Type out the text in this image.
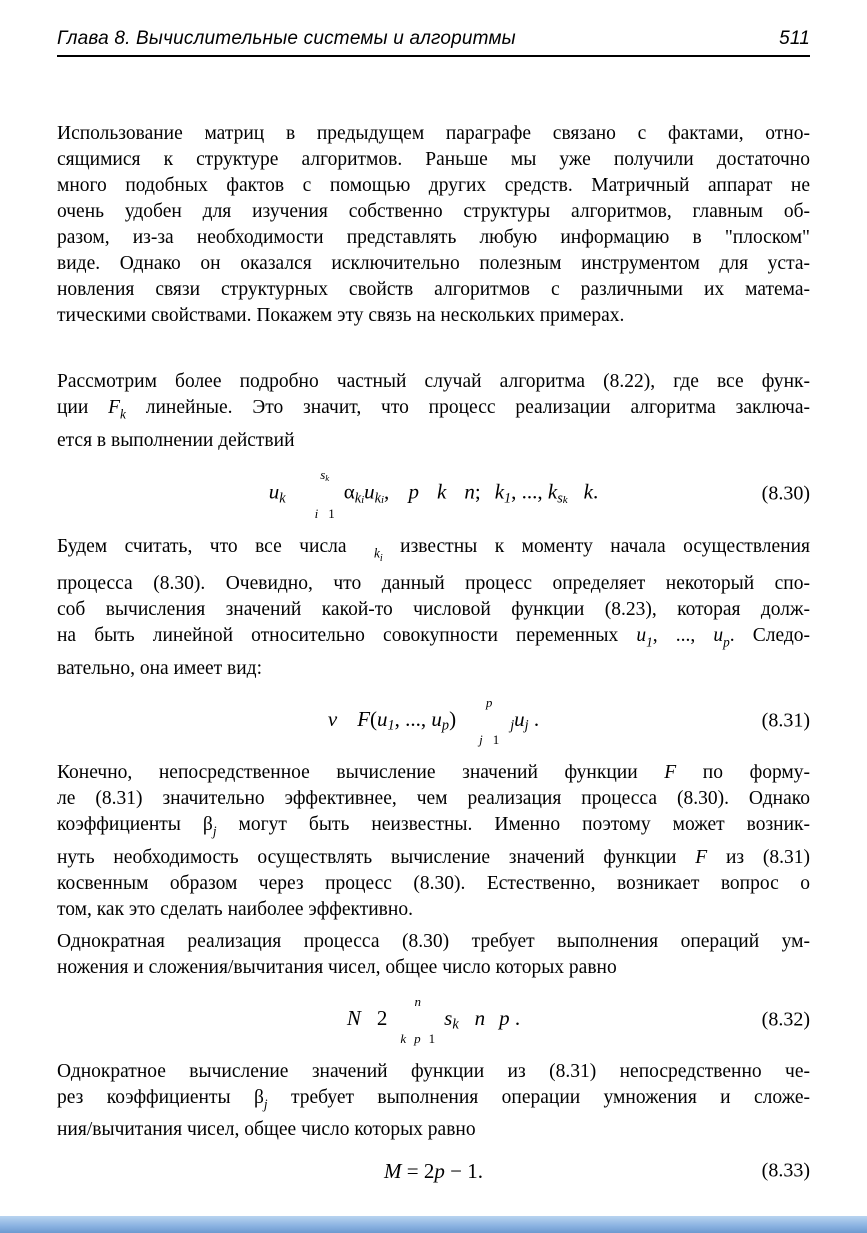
Глава 8. Вычислительные системы и алгоритмы	511
Использование матриц в предыдущем параграфе связано с фактами, отно-
сящимися к структуре алгоритмов. Раньше мы уже получили достаточно
много подобных фактов с помощью других средств. Матричный аппарат не
очень удобен для изучения собственно структуры алгоритмов, главным об-
разом, из-за необходимости представлять любую информацию в "плоском"
виде. Однако он оказался исключительно полезным инструментом для уста-
новления связи структурных свойств алгоритмов с различными их матема-
тическими свойствами. Покажем эту связь на нескольких примерах.
Рассмотрим более подробно частный случай алгоритма (8.22), где все функ-
ции $F_k$ линейные. Это значит, что процесс реализации алгоритма заключа-
ется в выполнении действий
uk
sk
i 1
$\alpha k_iuk_i$, p k n; k1, ..., $ks_k$ k.	(8.30)
Будем считать, что все числа $_{ki}$ известны к моменту начала осуществления
процесса (8.30). Очевидно, что данный процесс определяет некоторый спо-
соб вычисления значений какой-то числовой функции (8.23), которая долж-
на быть линейной относительно совокупности переменных $u_1$, ..., $u_p$. Следо-
вательно, она имеет вид:
v F(u1, ..., up)
p
j 1
juj .	(8.31)
Конечно, непосредственное вычисление значений функции F по форму-
ле (8.31) значительно эффективнее, чем реализация процесса (8.30). Однако
коэффициенты $\beta_j$ могут быть неизвестны. Именно поэтому может возник-
нуть необходимость осуществлять вычисление значений функции F из (8.31)
косвенным образом через процесс (8.30). Естественно, возникает вопрос о
том, как это сделать наиболее эффективно.
Однократная реализация процесса (8.30) требует выполнения операций ум-
ножения и сложения/вычитания чисел, общее число которых равно
N 2
n
k p 1
sk n p .	(8.32)
Однократное вычисление значений функции из (8.31) непосредственно че-
рез коэффициенты $\beta_j$ требует выполнения операции умножения и сложе-
ния/вычитания чисел, общее число которых равно
M = 2p − 1.	(8.33)
